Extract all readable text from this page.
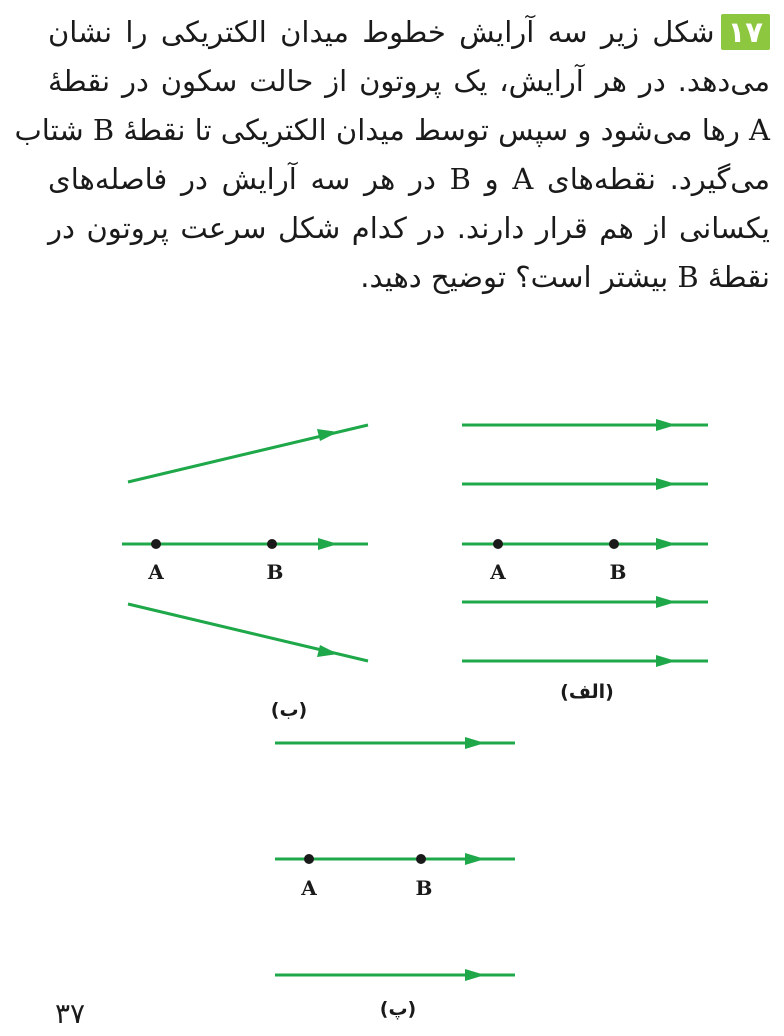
۱۷شکل زیر سه آرایش خطوط میدان الکتریکی را نشان
می‌دهد. در هر آرایش، یک پروتون از حالت سکون در نقطهٔ
A رها می‌شود و سپس توسط میدان الکتریکی تا نقطهٔ B شتاب
می‌گیرد. نقطه‌های A و B در هر سه آرایش در فاصله‌های
یکسانی از هم قرار دارند. در کدام شکل سرعت پروتون در
نقطهٔ B بیشتر است؟ توضیح دهید.
A	B
A	B
A	B
(الف)
(ب)
(پ)
۳۷
